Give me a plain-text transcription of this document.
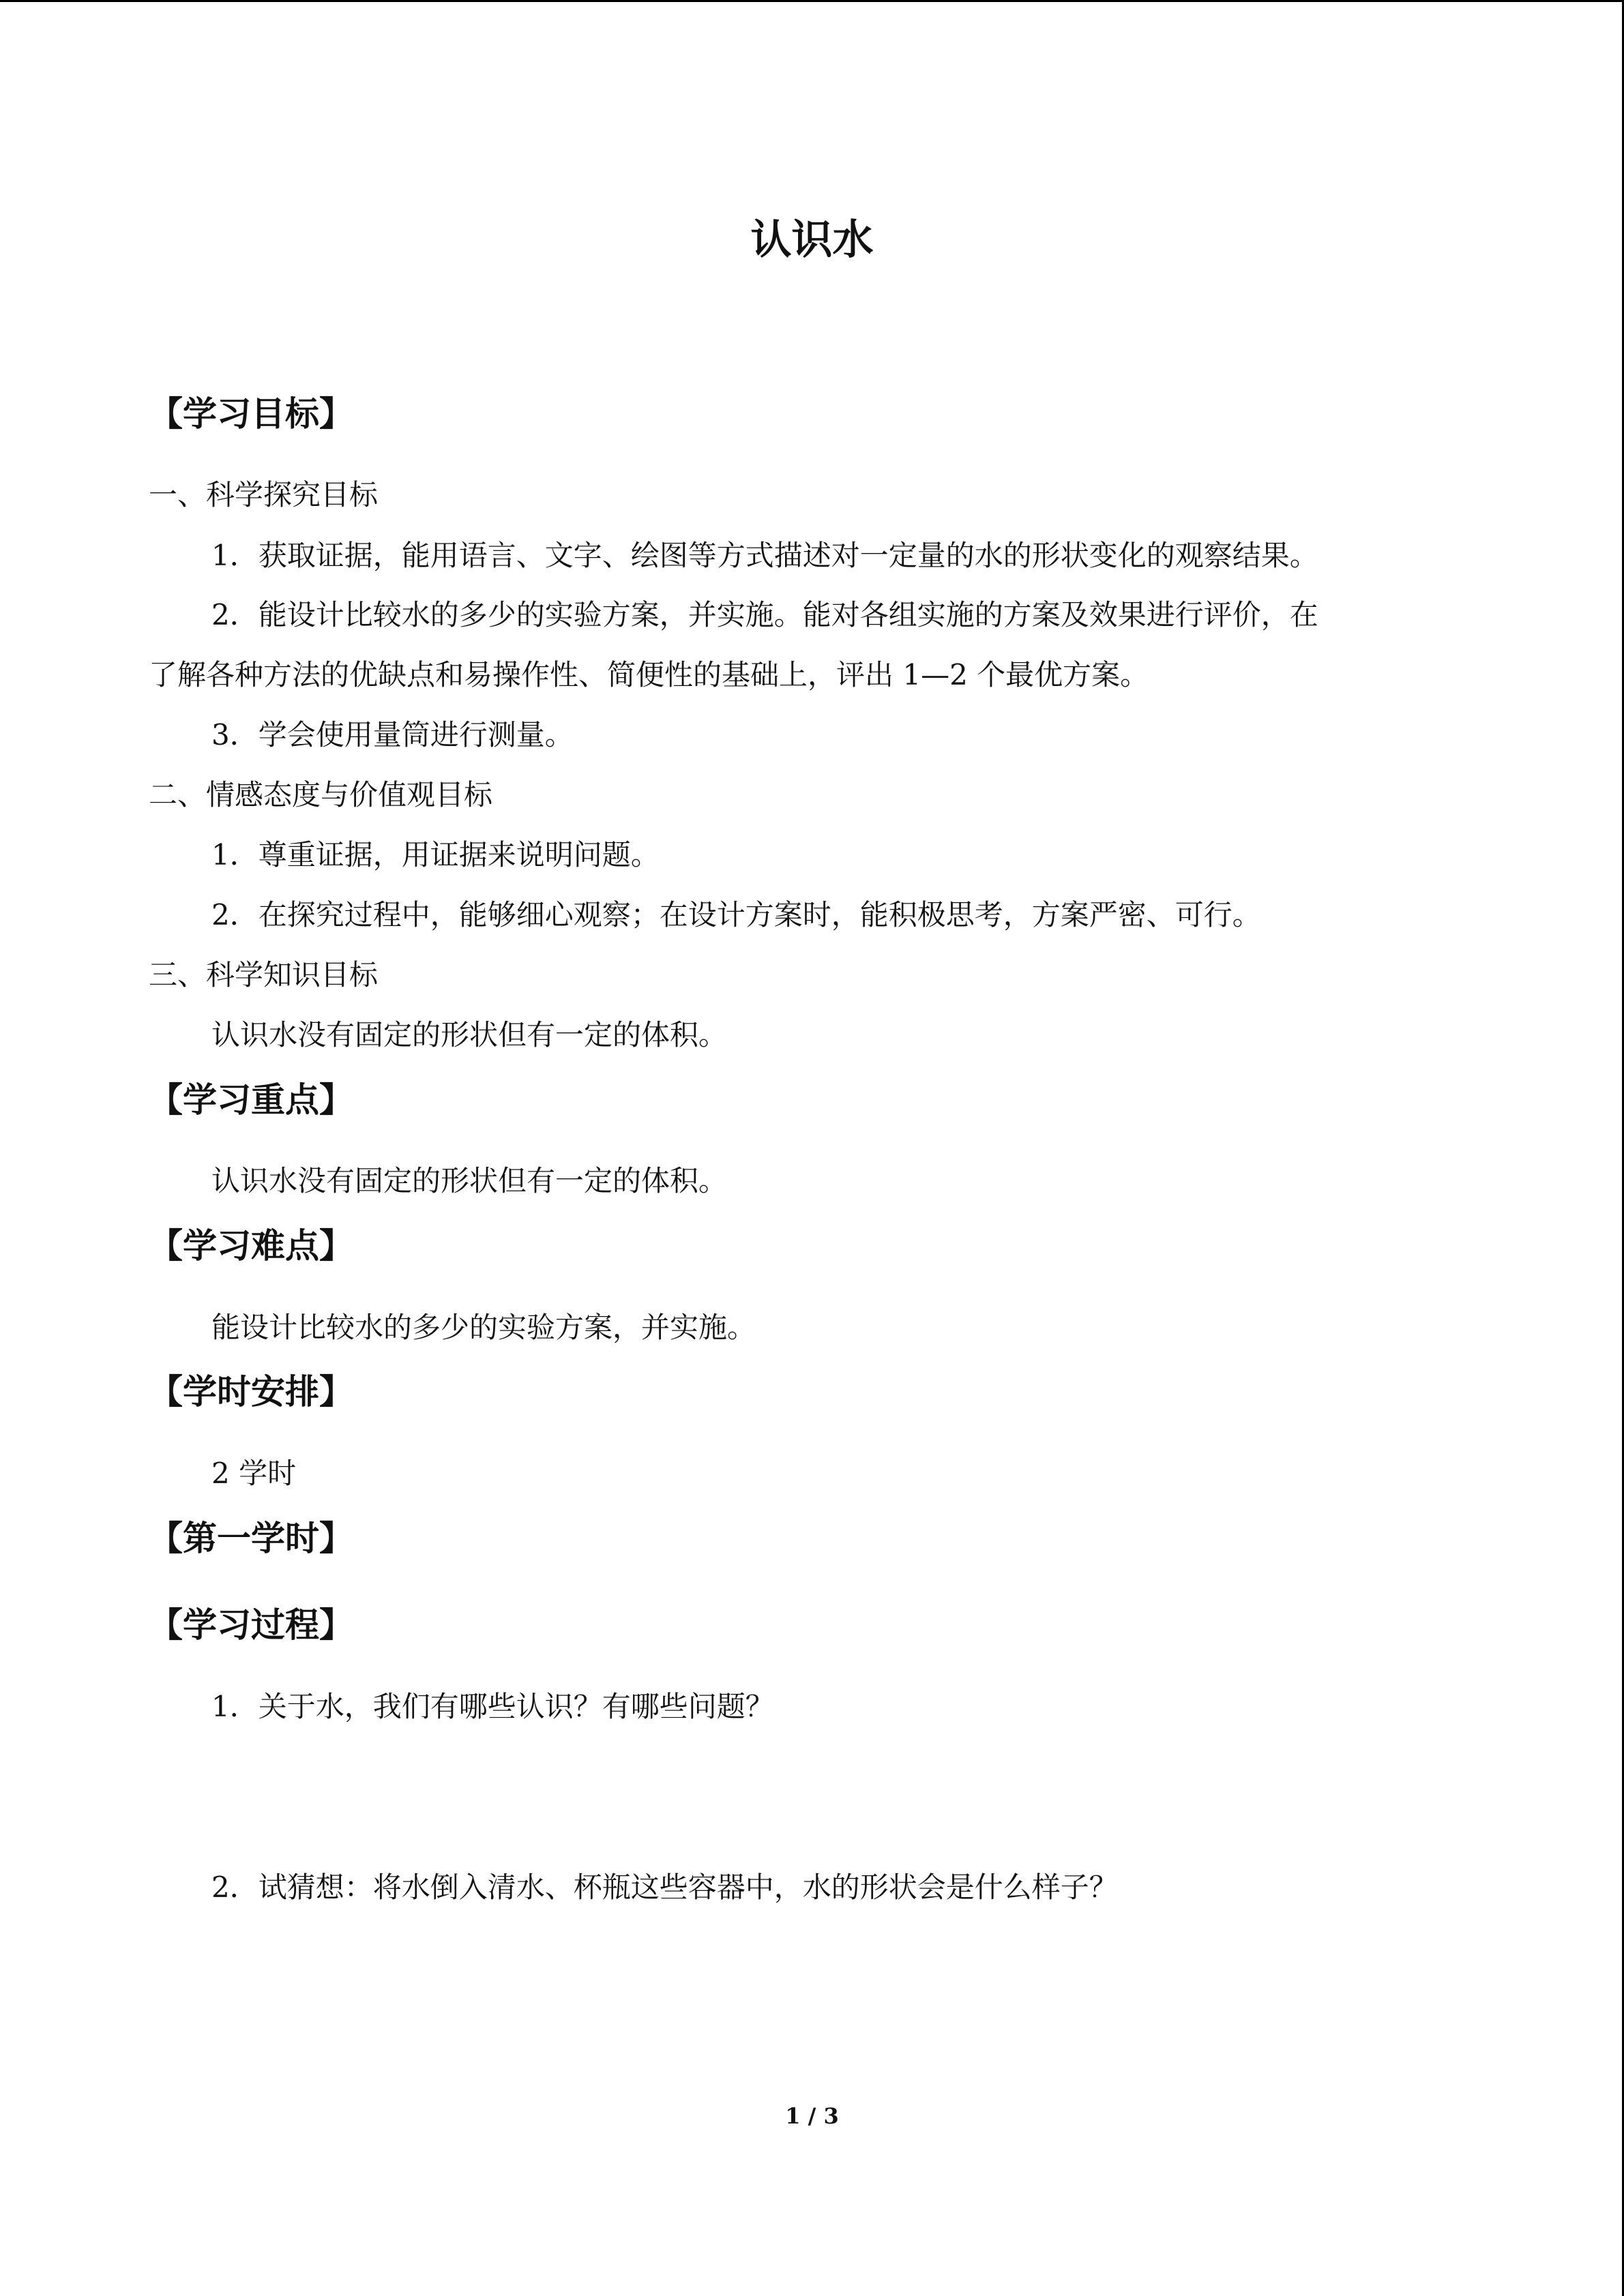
认识水
【学习目标】
一、科学探究目标
1．获取证据，能用语言、文字、绘图等方式描述对一定量的水的形状变化的观察结果。
2．能设计比较水的多少的实验方案，并实施。能对各组实施的方案及效果进行评价，在
了解各种方法的优缺点和易操作性、简便性的基础上，评出 1—2 个最优方案。
3．学会使用量筒进行测量。
二、情感态度与价值观目标
1．尊重证据，用证据来说明问题。
2．在探究过程中，能够细心观察；在设计方案时，能积极思考，方案严密、可行。
三、科学知识目标
认识水没有固定的形状但有一定的体积。
【学习重点】
认识水没有固定的形状但有一定的体积。
【学习难点】
能设计比较水的多少的实验方案，并实施。
【学时安排】
2 学时
【第一学时】
【学习过程】
1．关于水，我们有哪些认识？有哪些问题？
2．试猜想：将水倒入清水、杯瓶这些容器中，水的形状会是什么样子？
1 / 3
